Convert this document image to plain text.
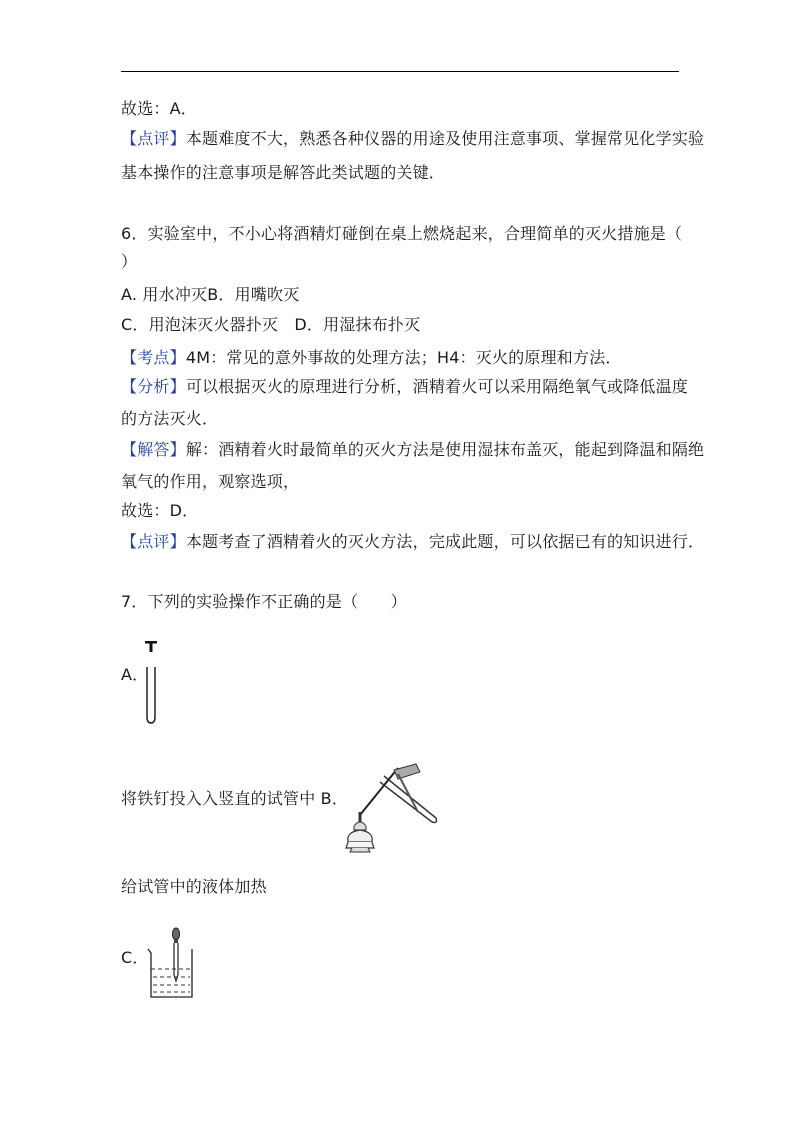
故选：A．
【点评】本题难度不大，熟悉各种仪器的用途及使用注意事项、掌握常见化学实验
基本操作的注意事项是解答此类试题的关键．
6．实验室中，不小心将酒精灯碰倒在桌上燃烧起来，合理简单的灭火措施是（
）
A. 用水冲灭B．用嘴吹灭
C．用泡沫灭火器扑灭　D．用湿抹布扑灭
【考点】4M：常见的意外事故的处理方法；H4：灭火的原理和方法．
【分析】可以根据灭火的原理进行分析，酒精着火可以采用隔绝氧气或降低温度
的方法灭火．
【解答】解：酒精着火时最简单的灭火方法是使用湿抹布盖灭，能起到降温和隔绝
氧气的作用，观察选项，
故选：D．
【点评】本题考查了酒精着火的灭火方法，完成此题，可以依据已有的知识进行．
7．下列的实验操作不正确的是（　　）
A．
将铁钉投入入竖直的试管中 B．
给试管中的液体加热
C．
